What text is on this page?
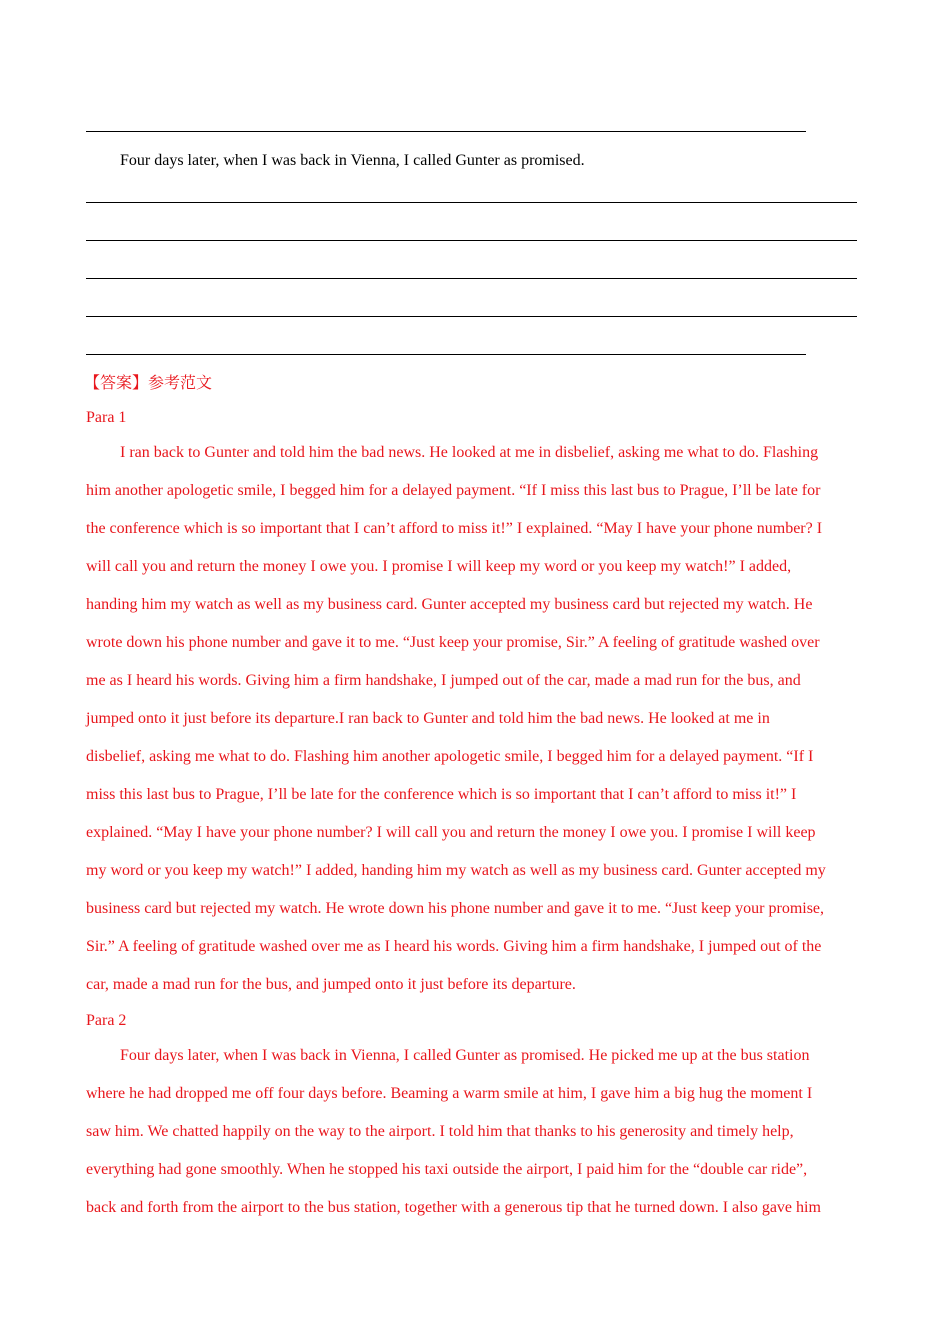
Four days later, when I was back in Vienna, I called Gunter as promised.
【答案】参考范文
Para 1
I ran back to Gunter and told him the bad news. He looked at me in disbelief, asking me what to do. Flashing
him another apologetic smile, I begged him for a delayed payment. “If I miss this last bus to Prague, I’ll be late for
the conference which is so important that I can’t afford to miss it!” I explained. “May I have your phone number? I
will call you and return the money I owe you. I promise I will keep my word or you keep my watch!” I added,
handing him my watch as well as my business card. Gunter accepted my business card but rejected my watch. He
wrote down his phone number and gave it to me. “Just keep your promise, Sir.” A feeling of gratitude washed over
me as I heard his words. Giving him a firm handshake, I jumped out of the car, made a mad run for the bus, and
jumped onto it just before its departure.I ran back to Gunter and told him the bad news. He looked at me in
disbelief, asking me what to do. Flashing him another apologetic smile, I begged him for a delayed payment. “If I
miss this last bus to Prague, I’ll be late for the conference which is so important that I can’t afford to miss it!” I
explained. “May I have your phone number? I will call you and return the money I owe you. I promise I will keep
my word or you keep my watch!” I added, handing him my watch as well as my business card. Gunter accepted my
business card but rejected my watch. He wrote down his phone number and gave it to me. “Just keep your promise,
Sir.” A feeling of gratitude washed over me as I heard his words. Giving him a firm handshake, I jumped out of the
car, made a mad run for the bus, and jumped onto it just before its departure.
Para 2
Four days later, when I was back in Vienna, I called Gunter as promised. He picked me up at the bus station
where he had dropped me off four days before. Beaming a warm smile at him, I gave him a big hug the moment I
saw him. We chatted happily on the way to the airport. I told him that thanks to his generosity and timely help,
everything had gone smoothly. When he stopped his taxi outside the airport, I paid him for the “double car ride”,
back and forth from the airport to the bus station, together with a generous tip that he turned down. I also gave him
